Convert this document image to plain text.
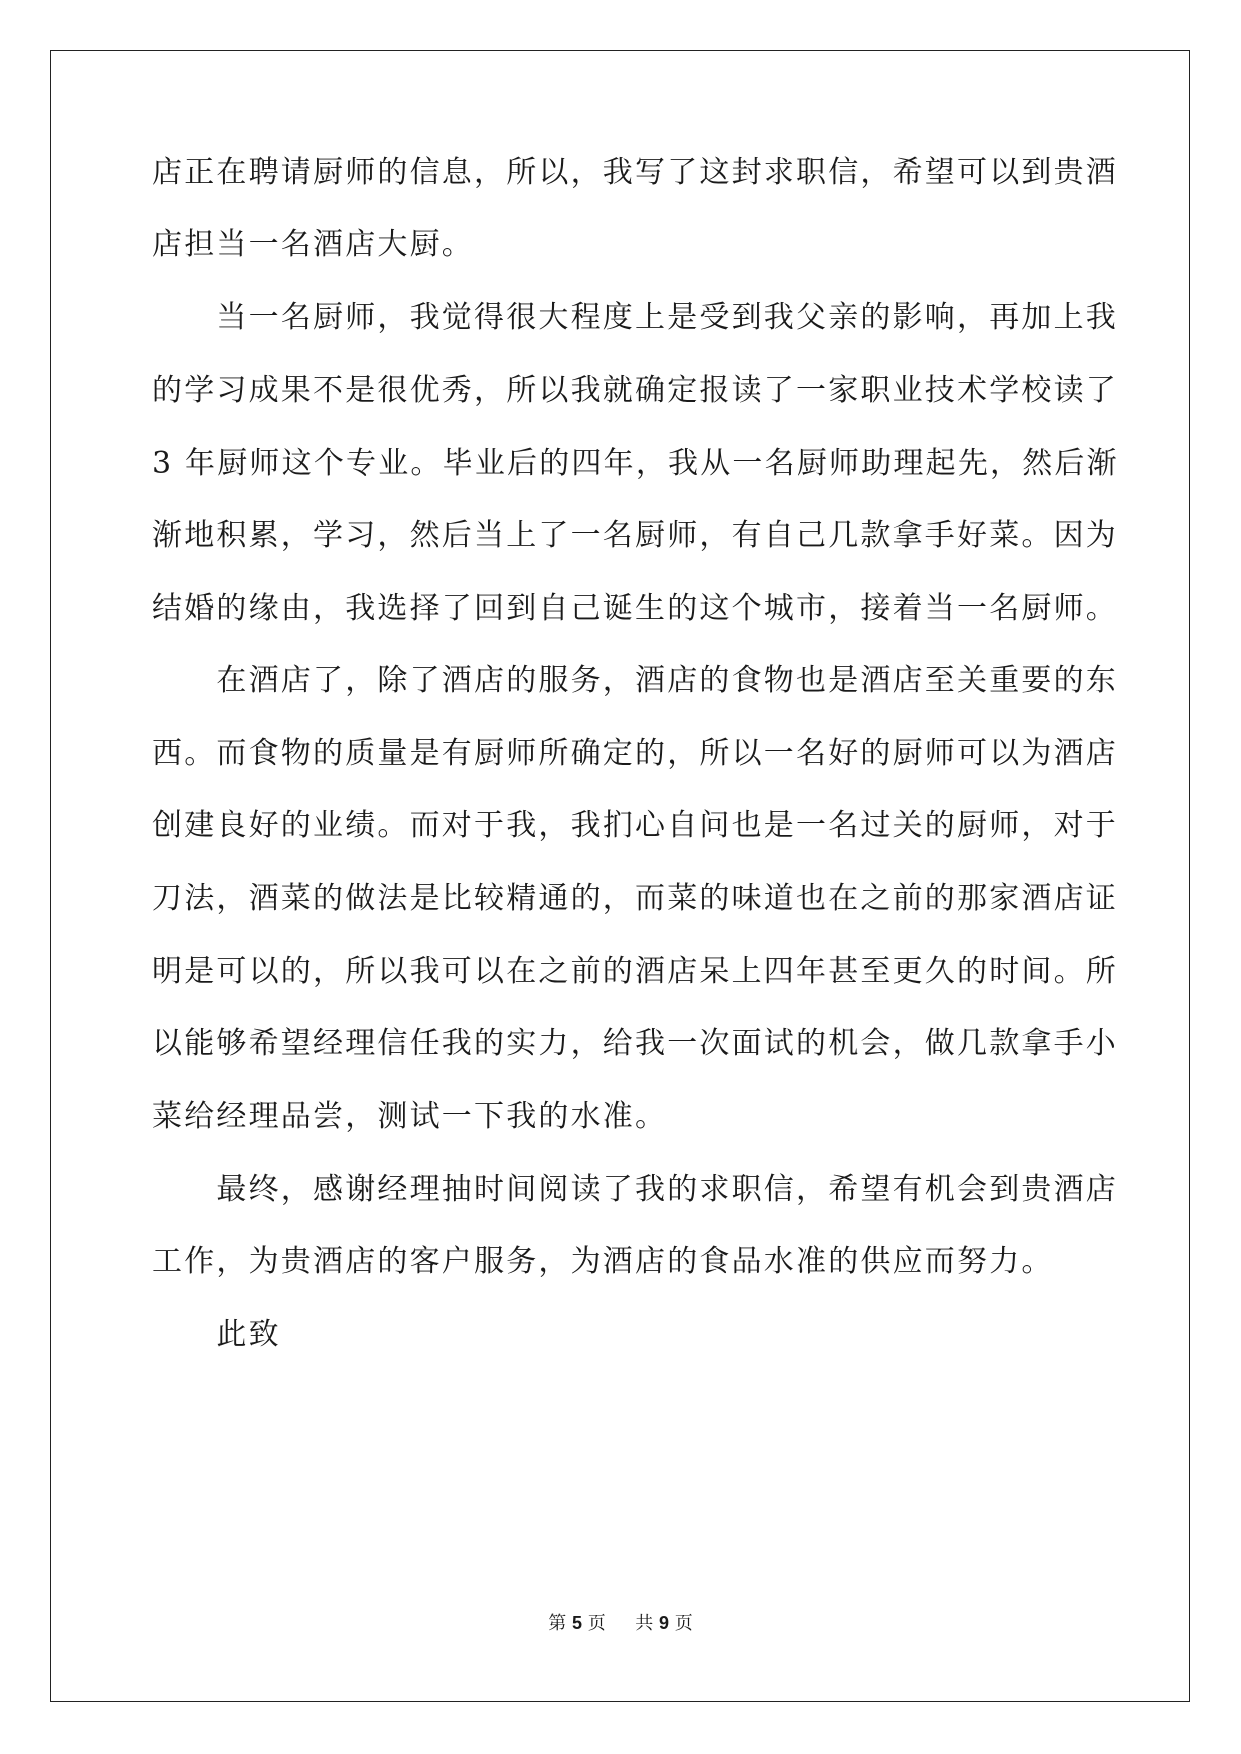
店正在聘请厨师的信息，所以，我写了这封求职信，希望可以到贵酒
店担当一名酒店大厨。
　　当一名厨师，我觉得很大程度上是受到我父亲的影响，再加上我
的学习成果不是很优秀，所以我就确定报读了一家职业技术学校读了
3 年厨师这个专业。毕业后的四年，我从一名厨师助理起先，然后渐
渐地积累，学习，然后当上了一名厨师，有自己几款拿手好菜。因为
结婚的缘由，我选择了回到自己诞生的这个城市，接着当一名厨师。
　　在酒店了，除了酒店的服务，酒店的食物也是酒店至关重要的东
西。而食物的质量是有厨师所确定的，所以一名好的厨师可以为酒店
创建良好的业绩。而对于我，我扪心自问也是一名过关的厨师，对于
刀法，酒菜的做法是比较精通的，而菜的味道也在之前的那家酒店证
明是可以的，所以我可以在之前的酒店呆上四年甚至更久的时间。所
以能够希望经理信任我的实力，给我一次面试的机会，做几款拿手小
菜给经理品尝，测试一下我的水准。
　　最终，感谢经理抽时间阅读了我的求职信，希望有机会到贵酒店
工作，为贵酒店的客户服务，为酒店的食品水准的供应而努力。
　　此致
第 5 页 共 9 页
